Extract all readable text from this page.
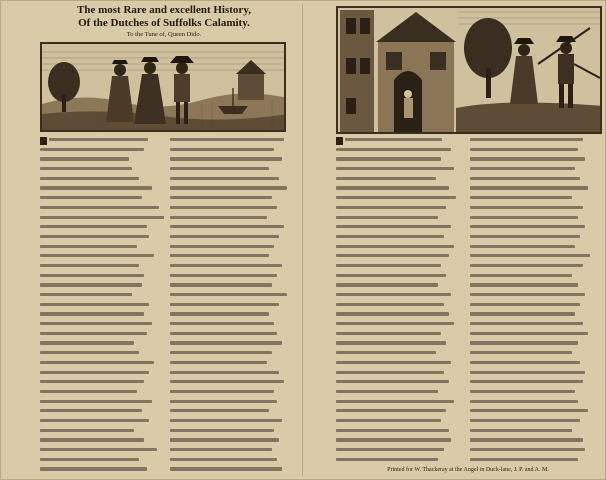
The most Rare and excellent History,
Of the Dutches of Suffolks Calamity.
To the Tune of, Queen Dido.
Printed for W. Thackeray at the Angel in Duck-lane, J. P. and A. M.
